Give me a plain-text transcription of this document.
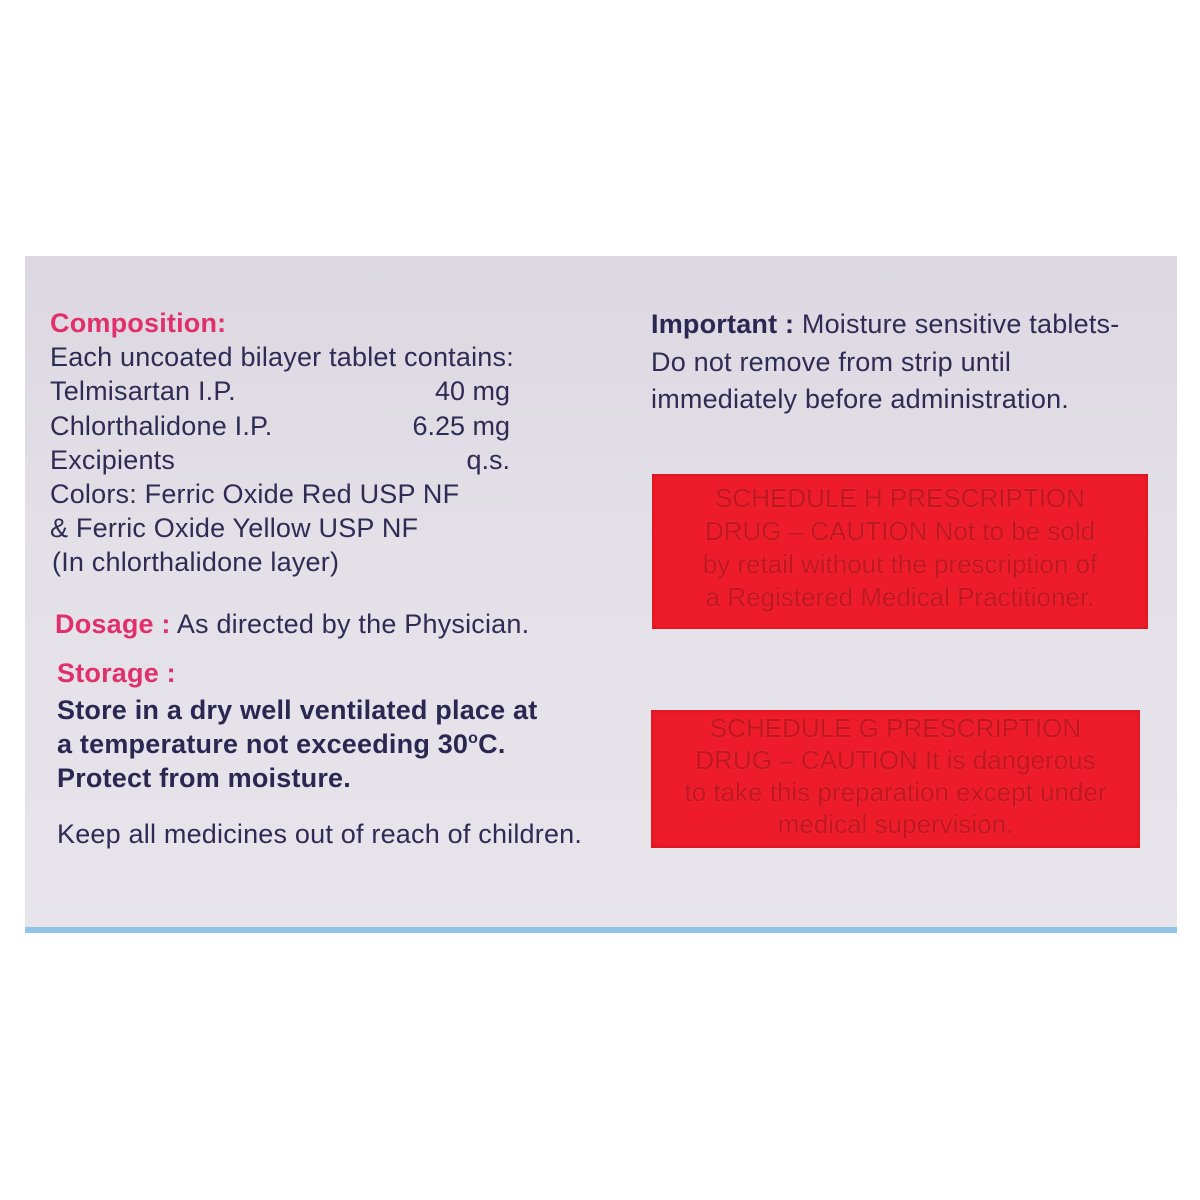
Composition:
Each uncoated bilayer tablet contains:
Telmisartan I.P.	40 mg
Chlorthalidone I.P.	6.25 mg
Excipients	q.s.
Colors: Ferric Oxide Red USP NF
& Ferric Oxide Yellow USP NF
(In chlorthalidone layer)
Dosage : As directed by the Physician.
Storage :
Store in a dry well ventilated place at
a temperature not exceeding 30$^o$C.
Protect from moisture.
Keep all medicines out of reach of children.
Important : Moisture sensitive tablets-
Do not remove from strip until
immediately before administration.
SCHEDULE H PRESCRIPTION
DRUG – CAUTION Not to be sold
by retail without the prescription of
a Registered Medical Practitioner.
SCHEDULE G PRESCRIPTION
DRUG – CAUTION It is dangerous
to take this preparation except under
medical supervision.
